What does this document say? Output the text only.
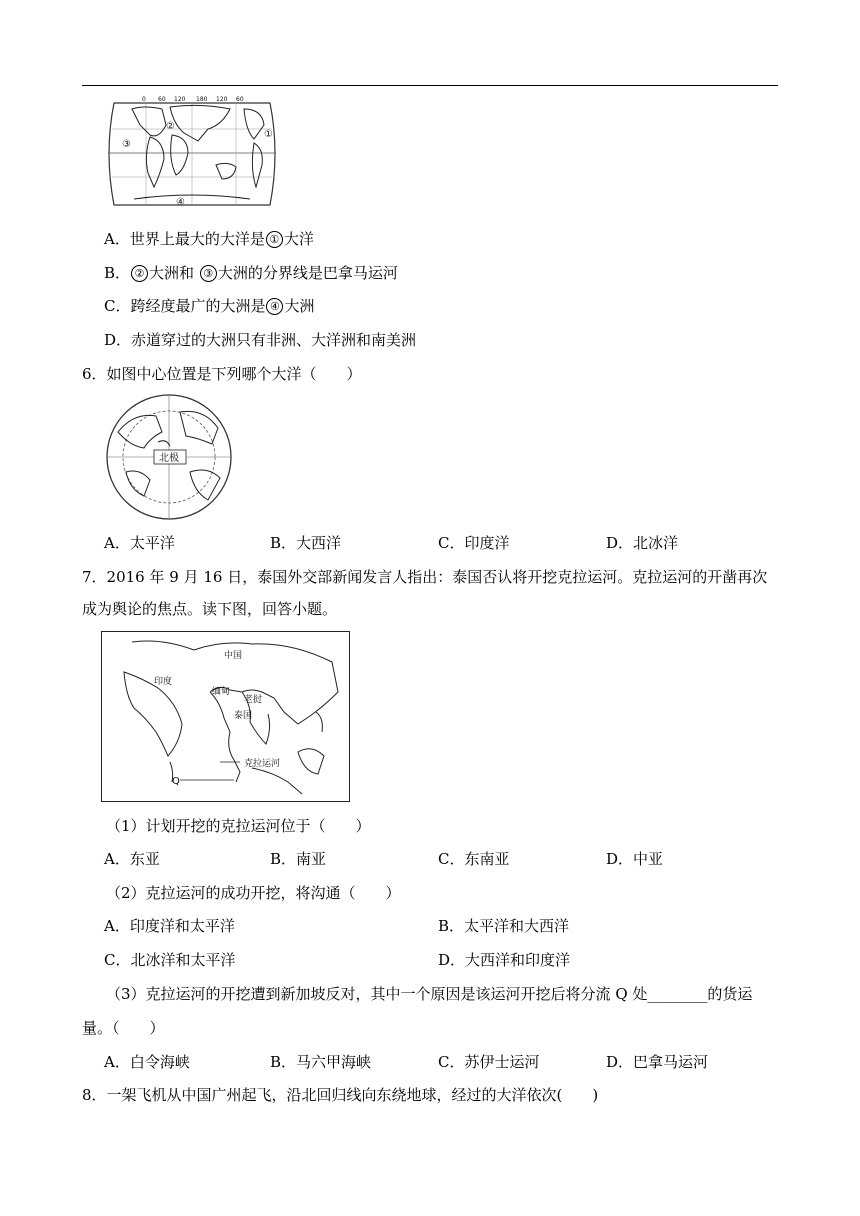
0 60 120 180 120 60
①
②
③
④
A．世界上最大的大洋是 ① 大洋
B． ② 大洲和 ③ 大洲的分界线是巴拿马运河
C．跨经度最广的大洲是 ④ 大洲
D．赤道穿过的大洲只有非洲、大洋洲和南美洲
6．如图中心位置是下列哪个大洋（　　）
北极
A．太平洋	B．大西洋	C．印度洋	D．北冰洋
7．2016 年 9 月 16 日，泰国外交部新闻发言人指出：泰国否认将开挖克拉运河。克拉运河的开凿再次
成为舆论的焦点。读下图，回答小题。
中国
印度
缅甸
老挝
泰国
克拉运河
Q
（1）计划开挖的克拉运河位于（　　）
A．东亚	B．南亚	C．东南亚	D．中亚
（2）克拉运河的成功开挖，将沟通（　　）
A．印度洋和太平洋	B．太平洋和大西洋
C．北冰洋和太平洋	D．大西洋和印度洋
（3）克拉运河的开挖遭到新加坡反对，其中一个原因是该运河开挖后将分流 Q 处________的货运
量。（　　）
A．白令海峡	B．马六甲海峡	C．苏伊士运河	D．巴拿马运河
8．一架飞机从中国广州起飞，沿北回归线向东绕地球，经过的大洋依次(　　)
